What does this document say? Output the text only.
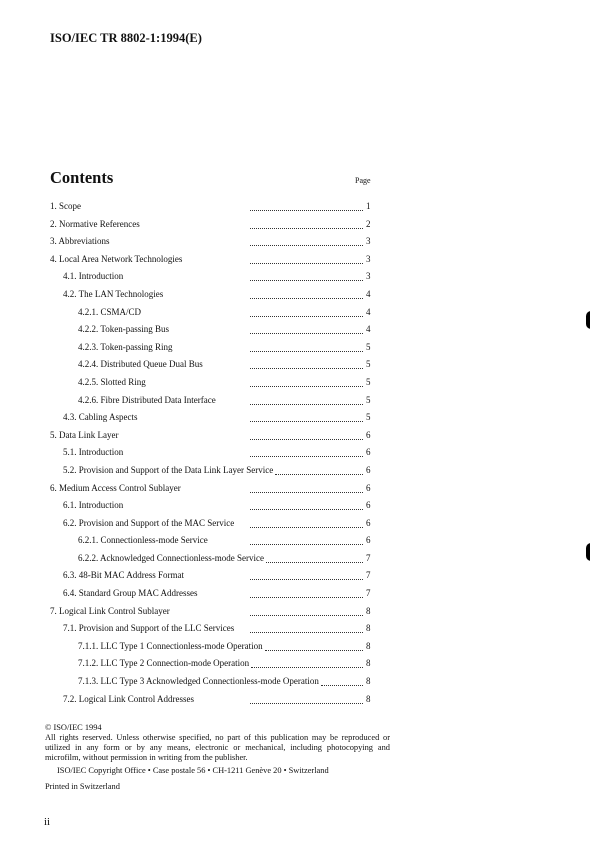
ISO/IEC TR 8802-1:1994(E)
Contents	Page
1. Scope	1
2. Normative References	2
3. Abbreviations	3
4. Local Area Network Technologies	3
4.1. Introduction	3
4.2. The LAN Technologies	4
4.2.1. CSMA/CD	4
4.2.2. Token-passing Bus	4
4.2.3. Token-passing Ring	5
4.2.4. Distributed Queue Dual Bus	5
4.2.5. Slotted Ring	5
4.2.6. Fibre Distributed Data Interface	5
4.3. Cabling Aspects	5
5. Data Link Layer	6
5.1. Introduction	6
5.2. Provision and Support of the Data Link Layer Service	6
6. Medium Access Control Sublayer	6
6.1. Introduction	6
6.2. Provision and Support of the MAC Service	6
6.2.1. Connectionless-mode Service	6
6.2.2. Acknowledged Connectionless-mode Service	7
6.3. 48-Bit MAC Address Format	7
6.4. Standard Group MAC Addresses	7
7. Logical Link Control Sublayer	8
7.1. Provision and Support of the LLC Services	8
7.1.1. LLC Type 1 Connectionless-mode Operation	8
7.1.2. LLC Type 2 Connection-mode Operation	8
7.1.3. LLC Type 3 Acknowledged Connectionless-mode Operation	8
7.2. Logical Link Control Addresses	8

© ISO/IEC 1994

All rights reserved. Unless otherwise specified, no part of this publication may be reproduced or utilized in any form or by any means, electronic or mechanical, including photocopying and microfilm, without permission in writing from the publisher.

ISO/IEC Copyright Office • Case postale 56 • CH-1211 Genève 20 • Switzerland

Printed in Switzerland

ii
